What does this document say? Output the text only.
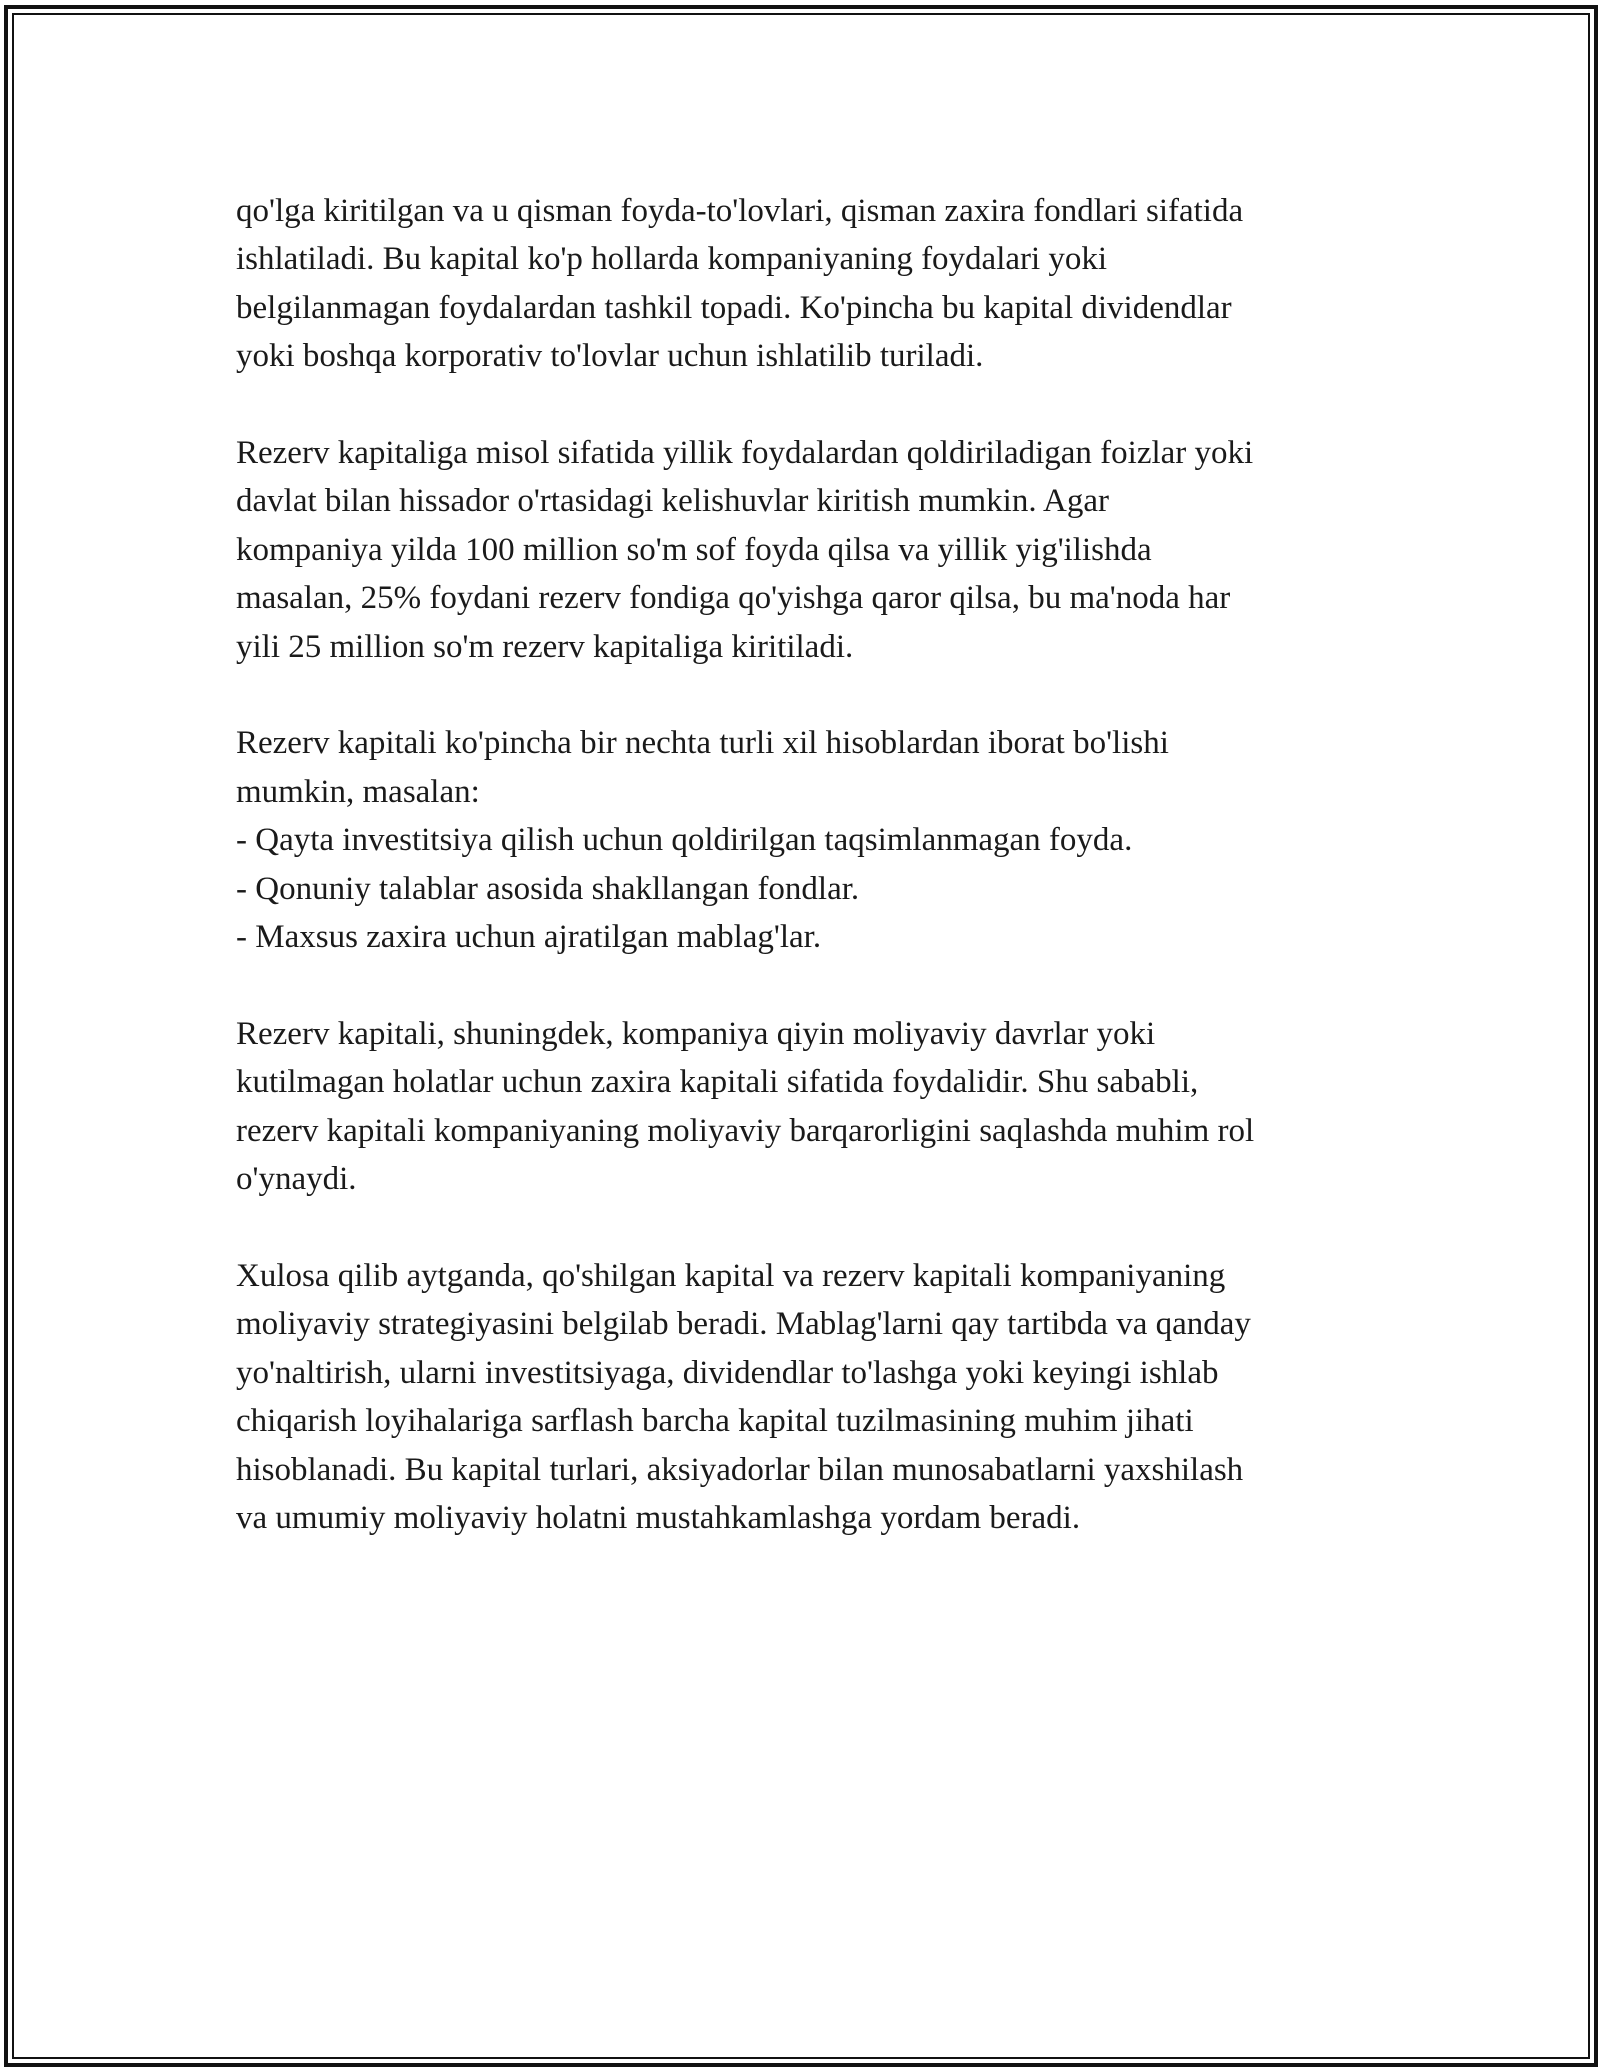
qo'lga kiritilgan va u qisman foyda-to'lovlari, qisman zaxira fondlari sifatida
ishlatiladi. Bu kapital ko'p hollarda kompaniyaning foydalari yoki
belgilanmagan foydalardan tashkil topadi. Ko'pincha bu kapital dividendlar
yoki boshqa korporativ to'lovlar uchun ishlatilib turiladi.

Rezerv kapitaliga misol sifatida yillik foydalardan qoldiriladigan foizlar yoki
davlat bilan hissador o'rtasidagi kelishuvlar kiritish mumkin. Agar
kompaniya yilda 100 million so'm sof foyda qilsa va yillik yig'ilishda
masalan, 25% foydani rezerv fondiga qo'yishga qaror qilsa, bu ma'noda har
yili 25 million so'm rezerv kapitaliga kiritiladi.

Rezerv kapitali ko'pincha bir nechta turli xil hisoblardan iborat bo'lishi
mumkin, masalan:
- Qayta investitsiya qilish uchun qoldirilgan taqsimlanmagan foyda.
- Qonuniy talablar asosida shakllangan fondlar.
- Maxsus zaxira uchun ajratilgan mablag'lar.

Rezerv kapitali, shuningdek, kompaniya qiyin moliyaviy davrlar yoki
kutilmagan holatlar uchun zaxira kapitali sifatida foydalidir. Shu sababli,
rezerv kapitali kompaniyaning moliyaviy barqarorligini saqlashda muhim rol
o'ynaydi.

Xulosa qilib aytganda, qo'shilgan kapital va rezerv kapitali kompaniyaning
moliyaviy strategiyasini belgilab beradi. Mablag'larni qay tartibda va qanday
yo'naltirish, ularni investitsiyaga, dividendlar to'lashga yoki keyingi ishlab
chiqarish loyihalariga sarflash barcha kapital tuzilmasining muhim jihati
hisoblanadi. Bu kapital turlari, aksiyadorlar bilan munosabatlarni yaxshilash
va umumiy moliyaviy holatni mustahkamlashga yordam beradi.
